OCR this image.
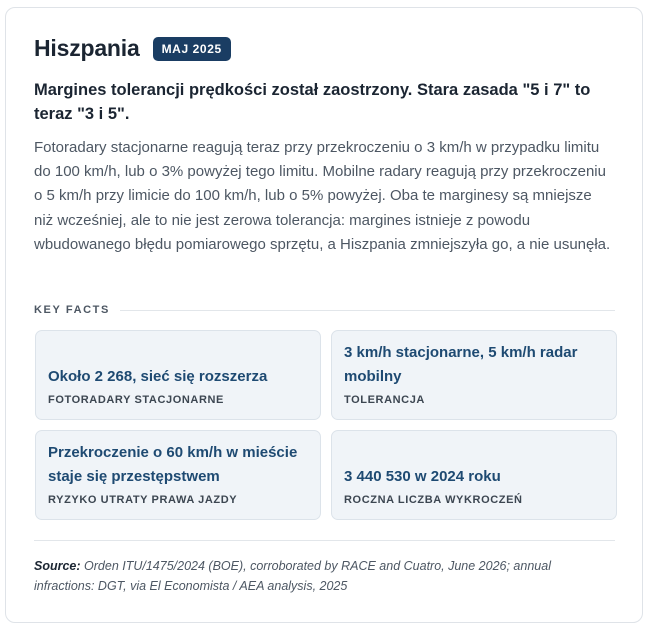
Hiszpania	MAJ 2025
Margines tolerancji prędkości został zaostrzony. Stara zasada "5 i 7" to teraz "3 i 5".
Fotoradary stacjonarne reagują teraz przy przekroczeniu o 3 km/h w przypadku limitu do 100 km/h, lub o 3% powyżej tego limitu. Mobilne radary reagują przy przekroczeniu o 5 km/h przy limicie do 100 km/h, lub o 5% powyżej. Oba te marginesy są mniejsze niż wcześniej, ale to nie jest zerowa tolerancja: margines istnieje z powodu wbudowanego błędu pomiarowego sprzętu, a Hiszpania zmniejszyła go, a nie usunęła.
KEY FACTS
Około 2 268, sieć się rozszerza
FOTORADARY STACJONARNE
3 km/h stacjonarne, 5 km/h radar mobilny
TOLERANCJA
Przekroczenie o 60 km/h w mieście staje się przestępstwem
RYZYKO UTRATY PRAWA JAZDY
3 440 530 w 2024 roku
ROCZNA LICZBA WYKROCZEŃ
Source: Orden ITU/1475/2024 (BOE), corroborated by RACE and Cuatro, June 2026; annual infractions: DGT, via El Economista / AEA analysis, 2025
